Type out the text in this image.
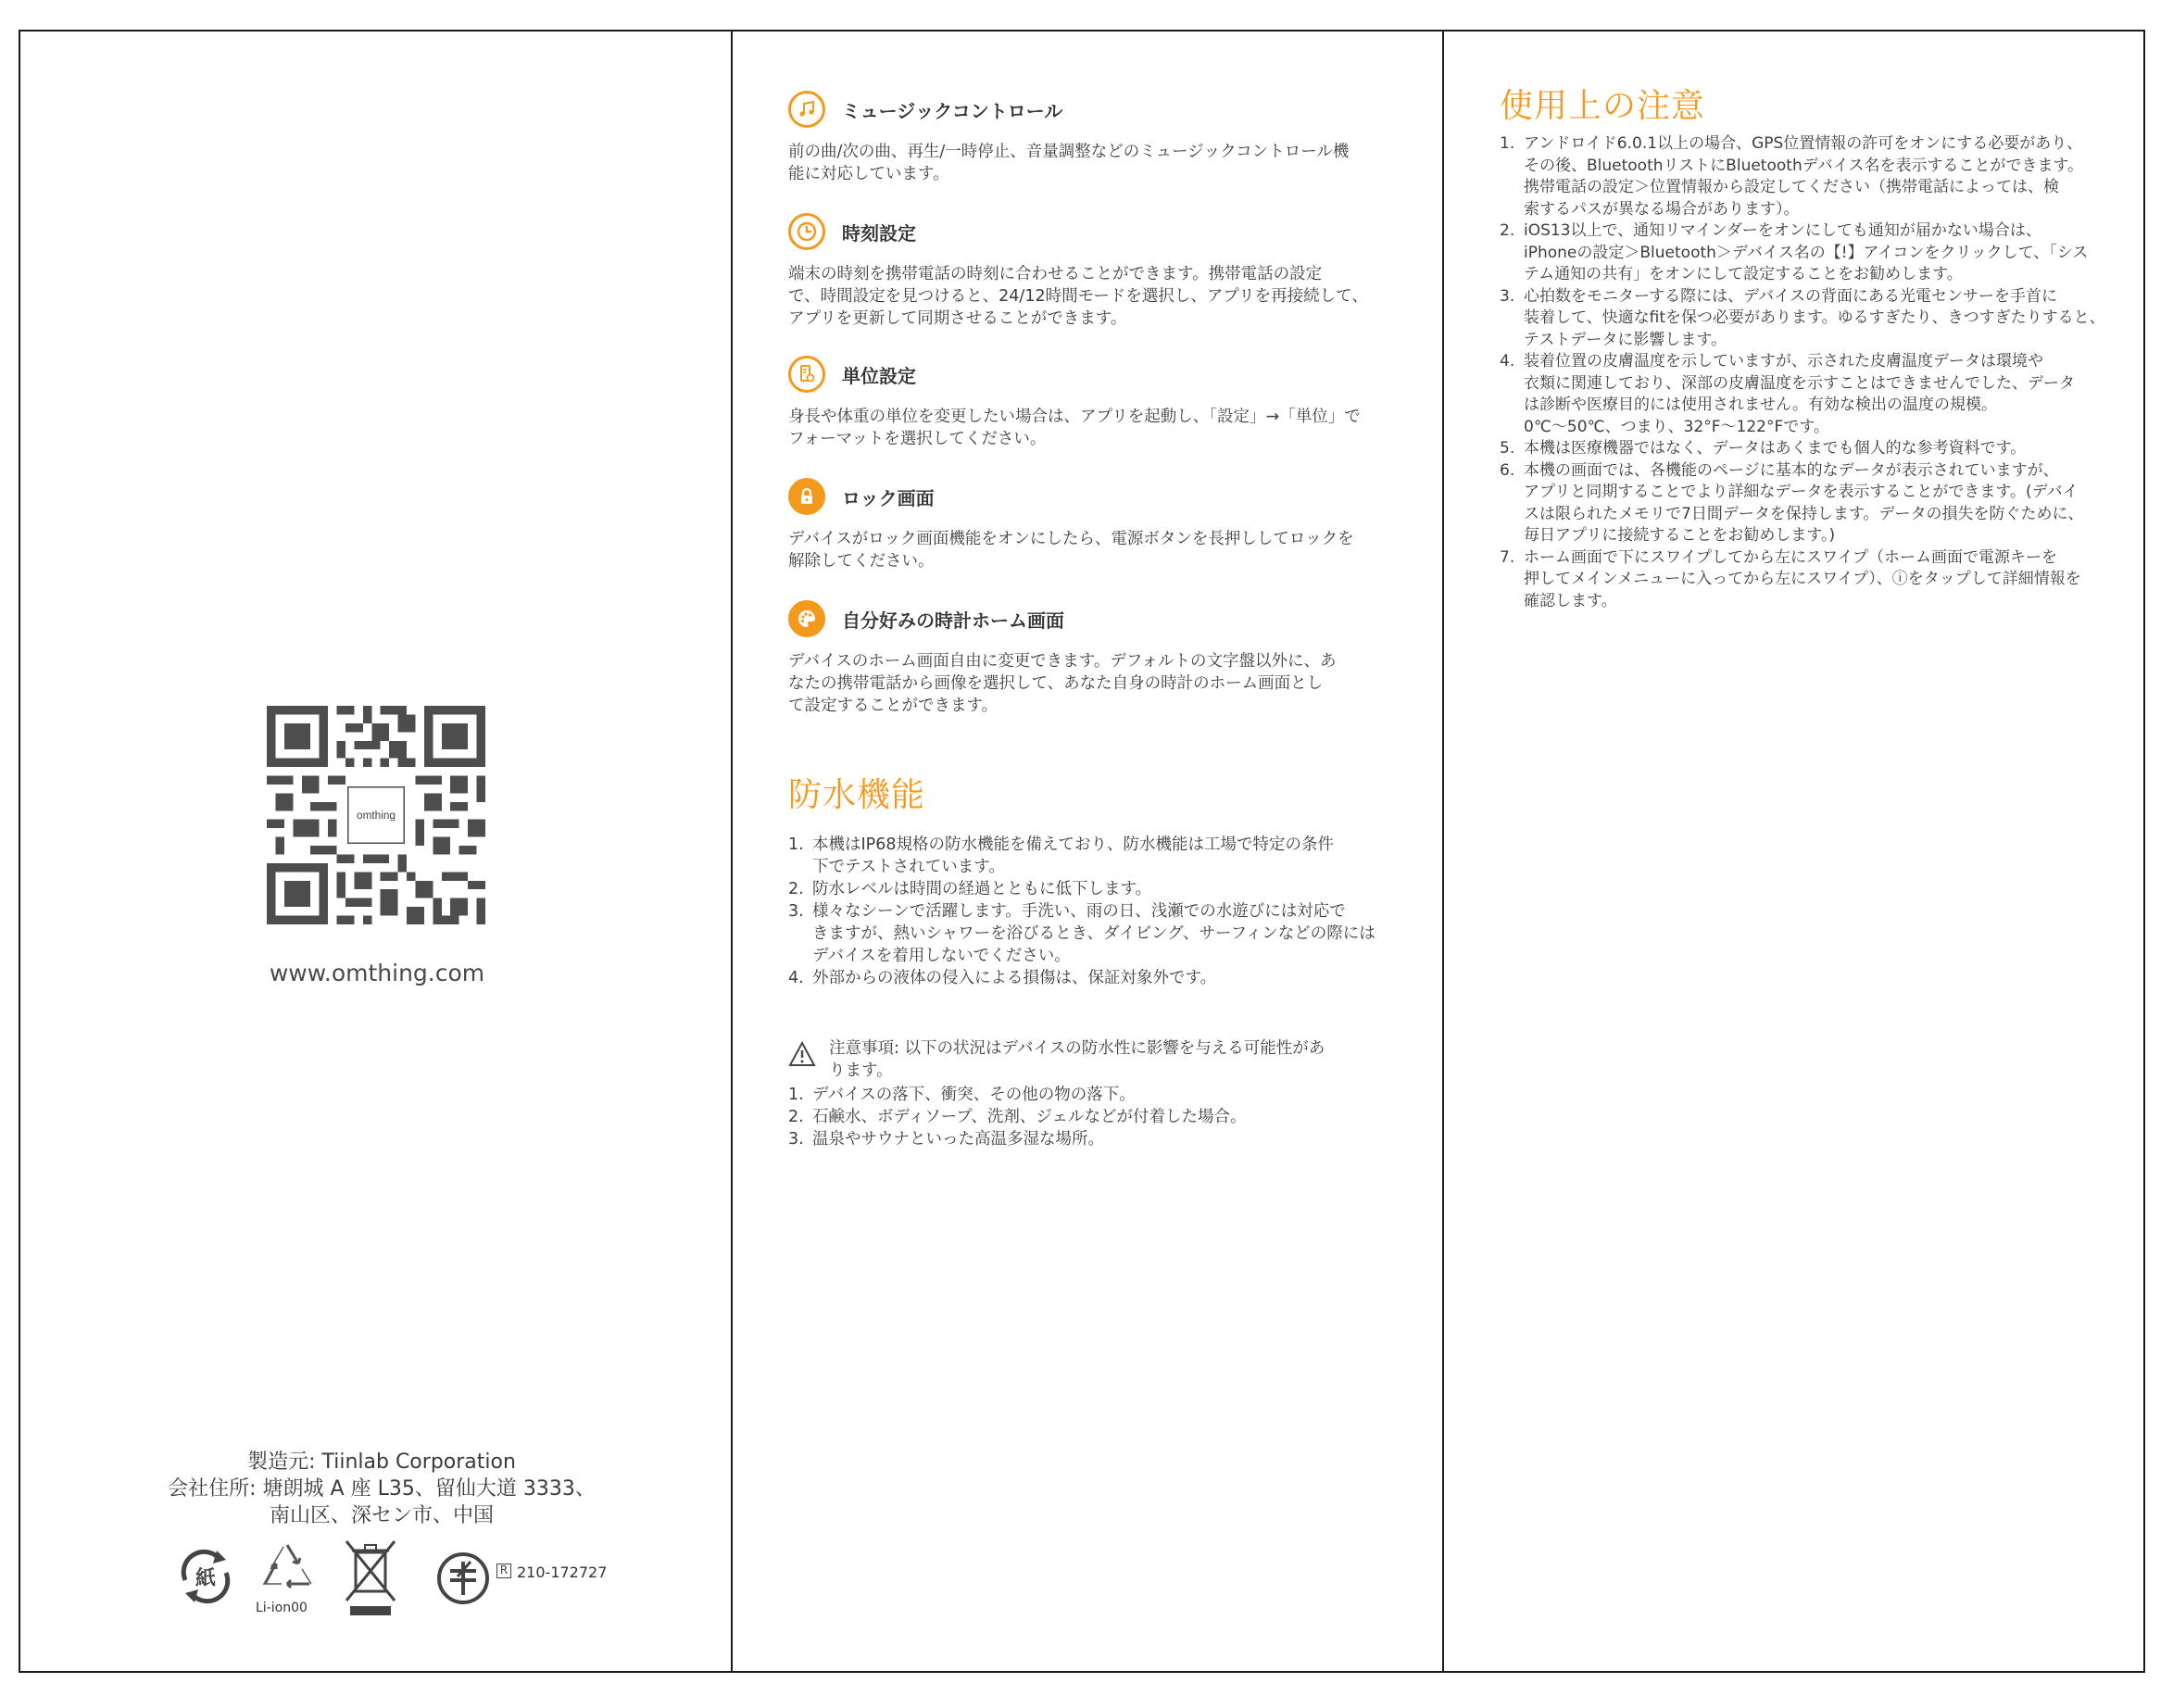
omthing
www.omthing.com
製造元: Tiinlab Corporation
会社住所: 塘朗城 A 座 L35、留仙大道 3333、
南山区、深セン市、中国
紙
Li-ion00
R 210-172727
ミュージックコントロール
前の曲/次の曲、再生/一時停止、音量調整などのミュージックコントロール機
能に対応しています。
時刻設定
端末の時刻を携帯電話の時刻に合わせることができます。携帯電話の設定
で、時間設定を見つけると、24/12時間モードを選択し、アプリを再接続して、
アプリを更新して同期させることができます。
単位設定
身長や体重の単位を変更したい場合は、アプリを起動し、「設定」→「単位」で
フォーマットを選択してください。
ロック画面
デバイスがロック画面機能をオンにしたら、電源ボタンを長押ししてロックを
解除してください。
自分好みの時計ホーム画面
デバイスのホーム画面自由に変更できます。デフォルトの文字盤以外に、あ
なたの携帯電話から画像を選択して、あなた自身の時計のホーム画面とし
て設定することができます。
防水機能
1. 本機はIP68規格の防水機能を備えており、防水機能は工場で特定の条件
下でテストされています。
2. 防水レベルは時間の経過とともに低下します。
3. 様々なシーンで活躍します。手洗い、雨の日、浅瀬での水遊びには対応で
きますが、熱いシャワーを浴びるとき、ダイビング、サーフィンなどの際には
デバイスを着用しないでください。
4. 外部からの液体の侵入による損傷は、保証対象外です。
注意事項: 以下の状況はデバイスの防水性に影響を与える可能性があ
ります。
1. デバイスの落下、衝突、その他の物の落下。
2. 石鹸水、ボディソープ、洗剤、ジェルなどが付着した場合。
3. 温泉やサウナといった高温多湿な場所。
使用上の注意
1. アンドロイド6.0.1以上の場合、GPS位置情報の許可をオンにする必要があり、
その後、BluetoothリストにBluetoothデバイス名を表示することができます。
携帯電話の設定＞位置情報から設定してください（携帯電話によっては、検
索するパスが異なる場合があります）。
2. iOS13以上で、通知リマインダーをオンにしても通知が届かない場合は、
iPhoneの設定＞Bluetooth＞デバイス名の【!】アイコンをクリックして、「シス
テム通知の共有」をオンにして設定することをお勧めします。
3. 心拍数をモニターする際には、デバイスの背面にある光電センサーを手首に
装着して、快適なfitを保つ必要があります。ゆるすぎたり、きつすぎたりすると、
テストデータに影響します。
4. 装着位置の皮膚温度を示していますが、示された皮膚温度データは環境や
衣類に関連しており、深部の皮膚温度を示すことはできませんでした、データ
は診断や医療目的には使用されません。有効な検出の温度の規模。
0℃～50℃、つまり、32°F～122°Fです。
5. 本機は医療機器ではなく、データはあくまでも個人的な参考資料です。
6. 本機の画面では、各機能のページに基本的なデータが表示されていますが、
アプリと同期することでより詳細なデータを表示することができます。(デバイ
スは限られたメモリで7日間データを保持します。データの損失を防ぐために、
毎日アプリに接続することをお勧めします。)
7. ホーム画面で下にスワイプしてから左にスワイプ（ホーム画面で電源キーを
押してメインメニューに入ってから左にスワイプ）、ⓘをタップして詳細情報を
確認します。
